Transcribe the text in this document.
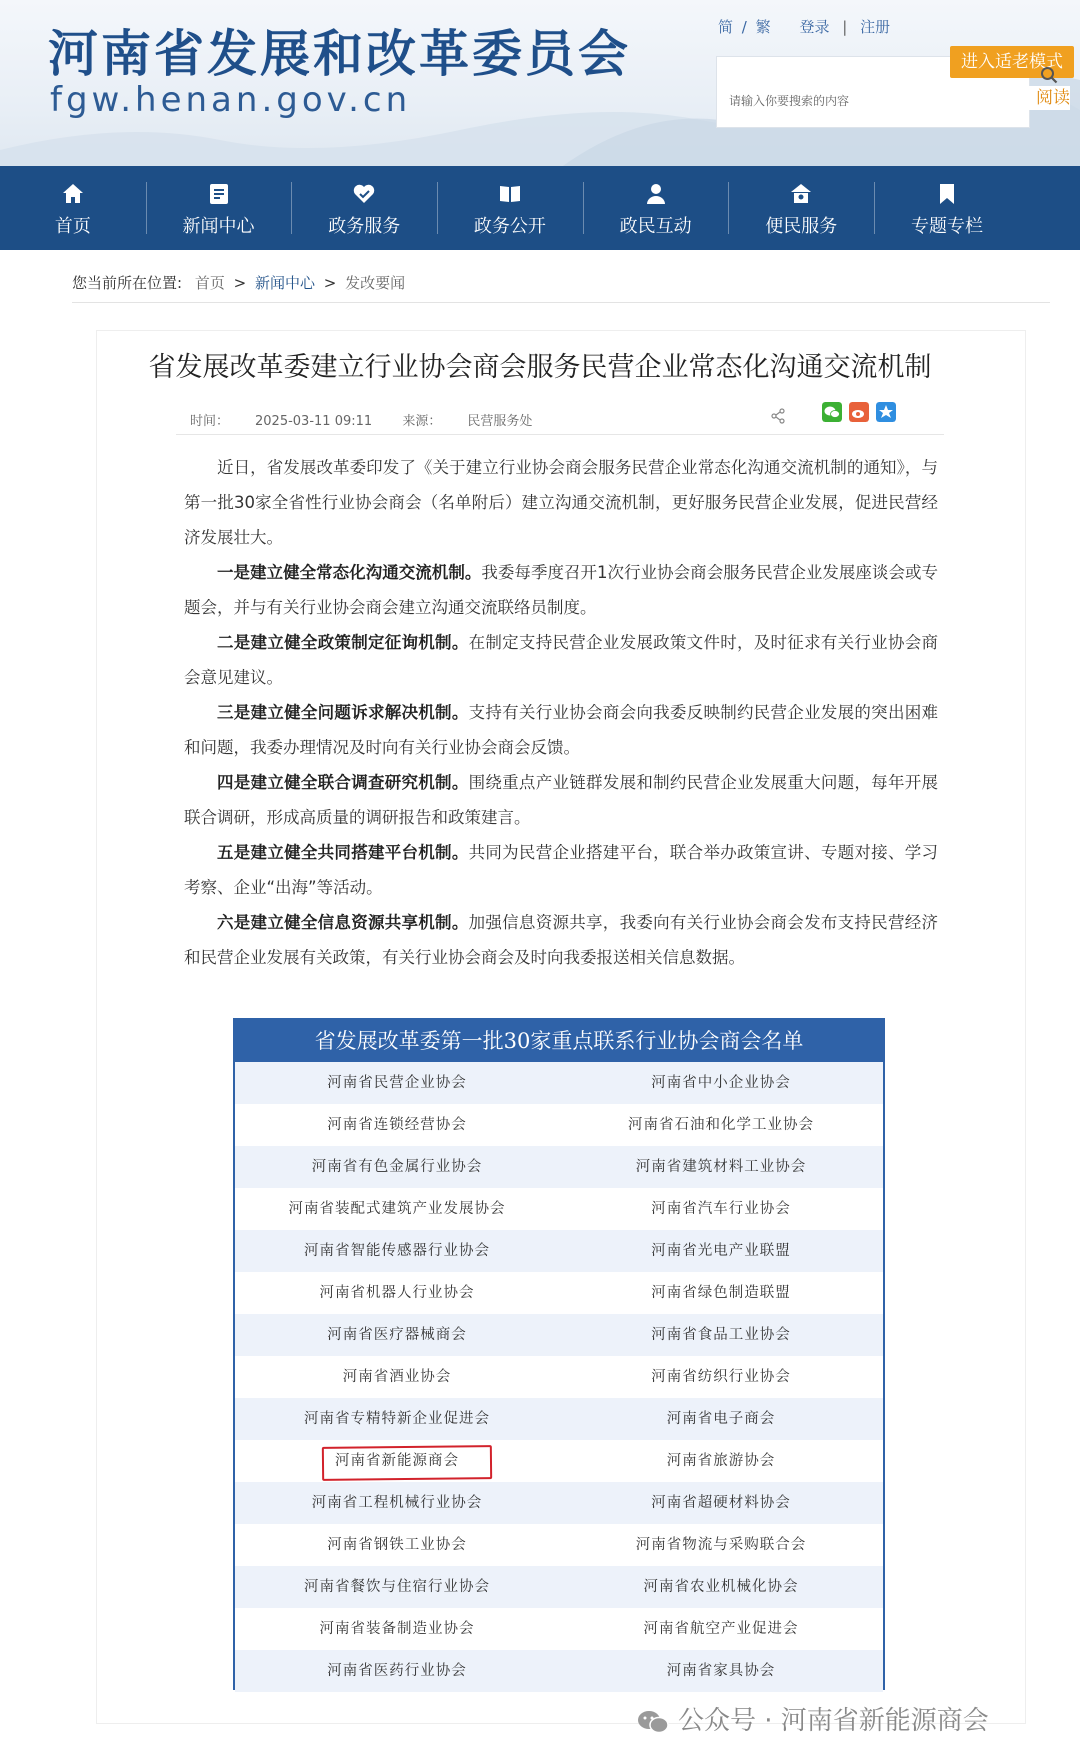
河南省发展和改革委员会
fgw.henan.gov.cn
简 / 繁 登录 | 注册
请输入你要搜索的内容
进入适老模式
阅读
首页	新闻中心	政务服务	政务公开	政民互动	便民服务	专题专栏
您当前所在位置: 首页 > 新闻中心 > 发改要闻
省发展改革委建立行业协会商会服务民营企业常态化沟通交流机制
时间： 2025-03-11 09:11 来源： 民营服务处

近日，省发展改革委印发了《关于建立行业协会商会服务民营企业常态化沟通交流机制的通知》，与第一批30家全省性行业协会商会（名单附后）建立沟通交流机制，更好服务民营企业发展，促进民营经济发展壮大。

一是建立健全常态化沟通交流机制。我委每季度召开1次行业协会商会服务民营企业发展座谈会或专题会，并与有关行业协会商会建立沟通交流联络员制度。

二是建立健全政策制定征询机制。在制定支持民营企业发展政策文件时，及时征求有关行业协会商会意见建议。

三是建立健全问题诉求解决机制。支持有关行业协会商会向我委反映制约民营企业发展的突出困难和问题，我委办理情况及时向有关行业协会商会反馈。

四是建立健全联合调查研究机制。围绕重点产业链群发展和制约民营企业发展重大问题，每年开展联合调研，形成高质量的调研报告和政策建言。

五是建立健全共同搭建平台机制。共同为民营企业搭建平台，联合举办政策宣讲、专题对接、学习考察、企业“出海”等活动。

六是建立健全信息资源共享机制。加强信息资源共享，我委向有关行业协会商会发布支持民营经济和民营企业发展有关政策，有关行业协会商会及时向我委报送相关信息数据。

省发展改革委第一批30家重点联系行业协会商会名单
河南省民营企业协会	河南省中小企业协会
河南省连锁经营协会	河南省石油和化学工业协会
河南省有色金属行业协会	河南省建筑材料工业协会
河南省装配式建筑产业发展协会	河南省汽车行业协会
河南省智能传感器行业协会	河南省光电产业联盟
河南省机器人行业协会	河南省绿色制造联盟
河南省医疗器械商会	河南省食品工业协会
河南省酒业协会	河南省纺织行业协会
河南省专精特新企业促进会	河南省电子商会
河南省新能源商会	河南省旅游协会
河南省工程机械行业协会	河南省超硬材料协会
河南省钢铁工业协会	河南省物流与采购联合会
河南省餐饮与住宿行业协会	河南省农业机械化协会
河南省装备制造业协会	河南省航空产业促进会
河南省医药行业协会	河南省家具协会
公众号 · 河南省新能源商会
